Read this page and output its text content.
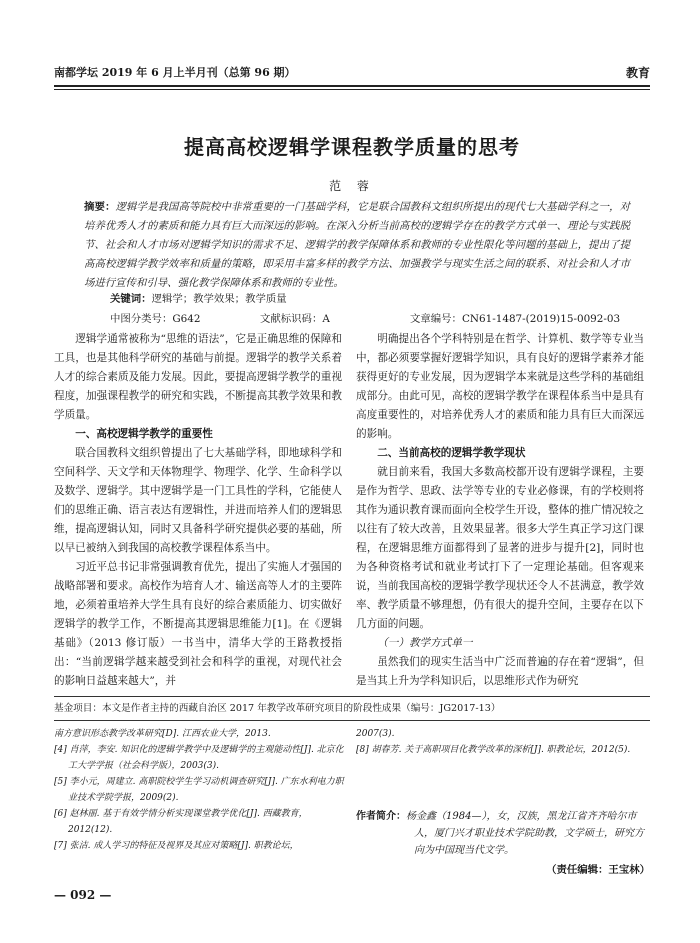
南都学坛 2019 年 6 月上半月刊（总第 96 期）	教育
提高高校逻辑学课程教学质量的思考
范 蓉
摘要：逻辑学是我国高等院校中非常重要的一门基础学科，它是联合国教科文组织所提出的现代七大基础学科之一，对培养优秀人才的素质和能力具有巨大而深远的影响。在深入分析当前高校的逻辑学存在的教学方式单一、理论与实践脱节、社会和人才市场对逻辑学知识的需求不足、逻辑学的教学保障体系和教师的专业性限化等问题的基础上，提出了提高高校逻辑学教学效率和质量的策略，即采用丰富多样的教学方法、加强教学与现实生活之间的联系、对社会和人才市场进行宣传和引导、强化教学保障体系和教师的专业性。
关键词：逻辑学；教学效果；教学质量
中图分类号：G642	文献标识码：A	文章编号：CN61-1487-(2019)15-0092-03

逻辑学通常被称为“思维的语法”，它是正确思维的保障和工具，也是其他科学研究的基础与前提。逻辑学的教学关系着人才的综合素质及能力发展。因此，要提高逻辑学教学的重视程度，加强课程教学的研究和实践，不断提高其教学效果和教学质量。

一、高校逻辑学教学的重要性

联合国教科文组织曾提出了七大基础学科，即地球科学和空间科学、天文学和天体物理学、物理学、化学、生命科学以及数学、逻辑学。其中逻辑学是一门工具性的学科，它能使人们的思维正确、语言表达有逻辑性，并进而培养人们的逻辑思维，提高逻辑认知，同时又具备科学研究提供必要的基础，所以早已被纳入到我国的高校教学课程体系当中。

习近平总书记非常强调教育优先，提出了实施人才强国的战略部署和要求。高校作为培育人才、输送高等人才的主要阵地，必须着重培养大学生具有良好的综合素质能力、切实做好逻辑学的教学工作，不断提高其逻辑思维能力[1]。在《逻辑基础》（2013 修订版）一书当中，清华大学的王路教授指出：“当前逻辑学越来越受到社会和科学的重视，对现代社会的影响日益越来越大”，并

明确提出各个学科特别是在哲学、计算机、数学等专业当中，都必须要掌握好逻辑学知识，具有良好的逻辑学素养才能获得更好的专业发展，因为逻辑学本来就是这些学科的基础组成部分。由此可见，高校的逻辑学教学在课程体系当中是具有高度重要性的，对培养优秀人才的素质和能力具有巨大而深远的影响。

二、当前高校的逻辑学教学现状

就目前来看，我国大多数高校都开设有逻辑学课程，主要是作为哲学、思政、法学等专业的专业必修课，有的学校则将其作为通识教育课而面向全校学生开设，整体的推广情况较之以往有了较大改善，且效果显著。很多大学生真正学习这门课程，在逻辑思维方面都得到了显著的进步与提升[2]，同时也为各种资格考试和就业考试打下了一定理论基础。但客观来说，当前我国高校的逻辑学教学现状还令人不甚满意，教学效率、教学质量不够理想，仍有很大的提升空间，主要存在以下几方面的问题。

（一）教学方式单一

虽然我们的现实生活当中广泛而普遍的存在着“逻辑”，但是当其上升为学科知识后，以思维形式作为研究

基金项目：本文是作者主持的西藏自治区 2017 年教学改革研究项目的阶段性成果（编号：JG2017-13）
南方意识形态教学改革研究[D]. 江西农业大学，2013.
[4] 肖萍，李安. 知识化的逻辑学教学中及逻辑学的主观能动性[J]. 北京化工大学学报（社会科学版），2003(3).
[5] 李小元，周建立. 高职院校学生学习动机调查研究[J]. 广东水利电力职业技术学院学报，2009(2).
[6] 赵林丽. 基于有效学情分析实现课堂教学优化[J]. 西藏教育，2012(12).
[7] 张洁. 成人学习的特征及视界及其应对策略[J]. 职教论坛，
2007(3).
[8] 胡春芳. 关于高职项目化教学改革的深析[J]. 职教论坛，2012(5).
作者简介：杨金鑫（1984—），女，汉族，黑龙江省齐齐哈尔市人，厦门兴才职业技术学院助教，文学硕士，研究方向为中国现当代文学。
（责任编辑：王宝林）
— 092 —
